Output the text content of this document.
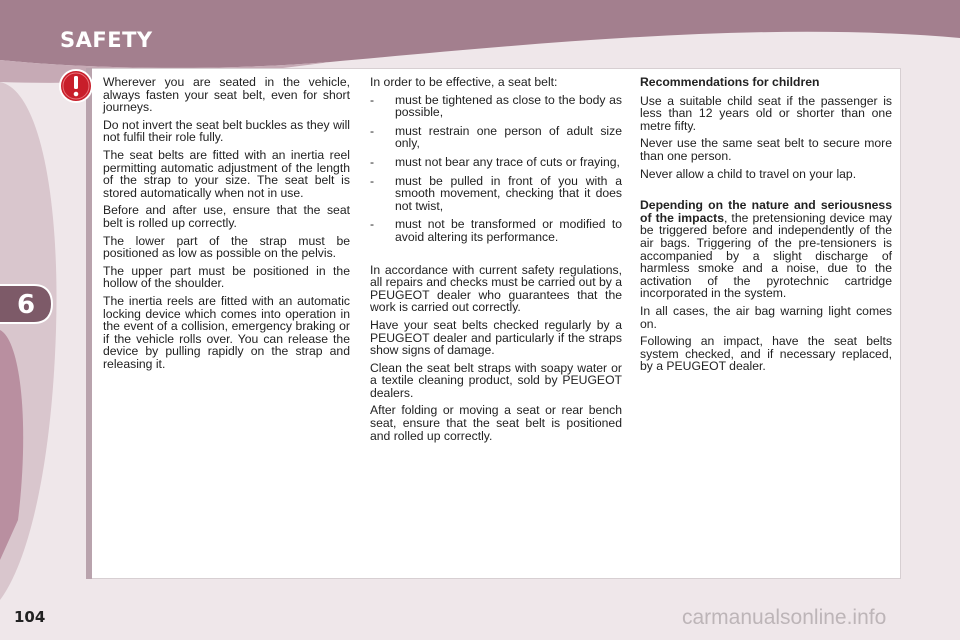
SAFETY
6

Wherever you are seated in the vehicle, always fasten your seat belt, even for short journeys.

Do not invert the seat belt buckles as they will not fulfil their role fully.

The seat belts are fitted with an inertia reel permitting automatic adjustment of the length of the strap to your size. The seat belt is stored automatically when not in use.

Before and after use, ensure that the seat belt is rolled up correctly.

The lower part of the strap must be positioned as low as possible on the pelvis.

The upper part must be positioned in the hollow of the shoulder.

The inertia reels are fitted with an automatic locking device which comes into operation in the event of a collision, emergency braking or if the vehicle rolls over. You can release the device by pulling rapidly on the strap and releasing it.

In order to be effective, a seat belt:

- must be tightened as close to the body as possible,
- must restrain one person of adult size only,
- must not bear any trace of cuts or fraying,
- must be pulled in front of you with a smooth movement, checking that it does not twist,
- must not be transformed or modified to avoid altering its performance.

In accordance with current safety regulations, all repairs and checks must be carried out by a PEUGEOT dealer who guarantees that the work is carried out correctly.

Have your seat belts checked regularly by a PEUGEOT dealer and particularly if the straps show signs of damage.

Clean the seat belt straps with soapy water or a textile cleaning product, sold by PEUGEOT dealers.

After folding or moving a seat or rear bench seat, ensure that the seat belt is positioned and rolled up correctly.

Recommendations for children

Use a suitable child seat if the passenger is less than 12 years old or shorter than one metre fifty.

Never use the same seat belt to secure more than one person.

Never allow a child to travel on your lap.

Depending on the nature and seriousness of the impacts, the pretensioning device may be triggered before and independently of the air bags. Triggering of the pre-tensioners is accompanied by a slight discharge of harmless smoke and a noise, due to the activation of the pyrotechnic cartridge incorporated in the system.

In all cases, the air bag warning light comes on.

Following an impact, have the seat belts system checked, and if necessary replaced, by a PEUGEOT dealer.

104	carmanualsonline.info
